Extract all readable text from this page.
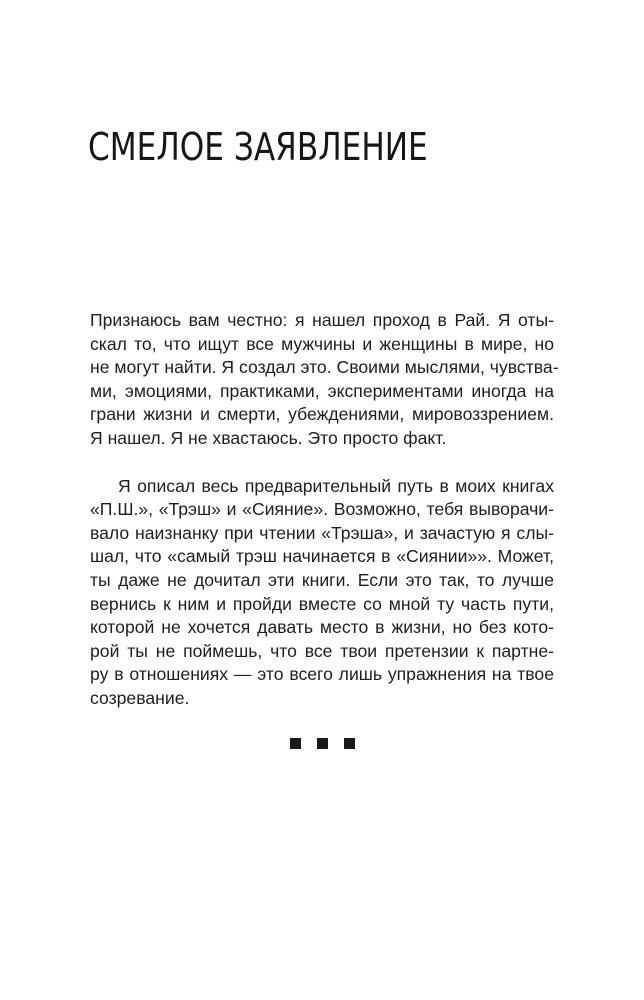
СМЕЛОЕ ЗАЯВЛЕНИЕ

Признаюсь вам честно: я нашел проход в Рай. Я оты-
скал то, что ищут все мужчины и женщины в мире, но
не могут найти. Я создал это. Своими мыслями, чувства-
ми, эмоциями, практиками, экспериментами иногда на
грани жизни и смерти, убеждениями, мировоззрением.
Я нашел. Я не хвастаюсь. Это просто факт.

Я описал весь предварительный путь в моих книгах
«П.Ш.», «Трэш» и «Сияние». Возможно, тебя выворачи-
вало наизнанку при чтении «Трэша», и зачастую я слы-
шал, что «самый трэш начинается в «Сиянии»». Может,
ты даже не дочитал эти книги. Если это так, то лучше
вернись к ним и пройди вместе со мной ту часть пути,
которой не хочется давать место в жизни, но без кото-
рой ты не поймешь, что все твои претензии к партне-
ру в отношениях — это всего лишь упражнения на твое
созревание.
